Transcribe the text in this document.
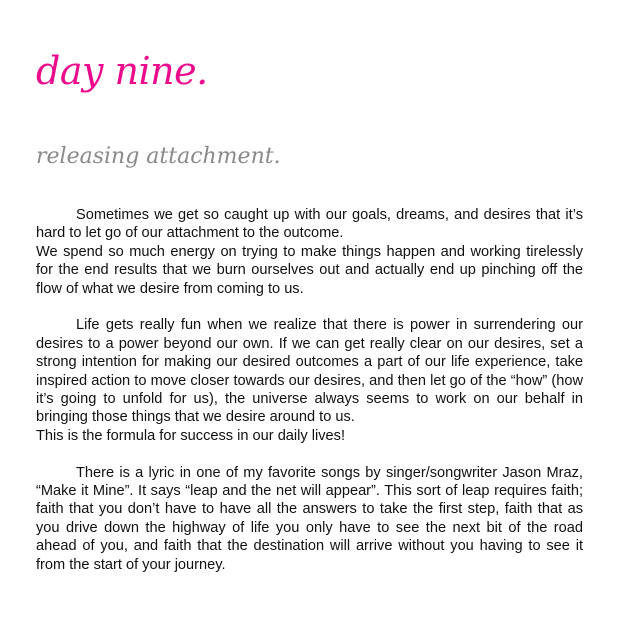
day nine.
releasing attachment.

Sometimes we get so caught up with our goals, dreams, and desires that it’s hard to let go of our attachment to the outcome.

We spend so much energy on trying to make things happen and working tirelessly for the end results that we burn ourselves out and actually end up pinching off the flow of what we desire from coming to us.

Life gets really fun when we realize that there is power in surrendering our desires to a power beyond our own. If we can get really clear on our desires, set a strong intention for making our desired outcomes a part of our life experience, take inspired action to move closer towards our desires, and then let go of the “how” (how it’s going to unfold for us), the universe always seems to work on our behalf in bringing those things that we desire around to us.

This is the formula for success in our daily lives!

There is a lyric in one of my favorite songs by singer/songwriter Jason Mraz, “Make it Mine”. It says “leap and the net will appear”. This sort of leap requires faith; faith that you don’t have to have all the answers to take the first step, faith that as you drive down the highway of life you only have to see the next bit of the road ahead of you, and faith that the destination will arrive without you having to see it from the start of your journey.
